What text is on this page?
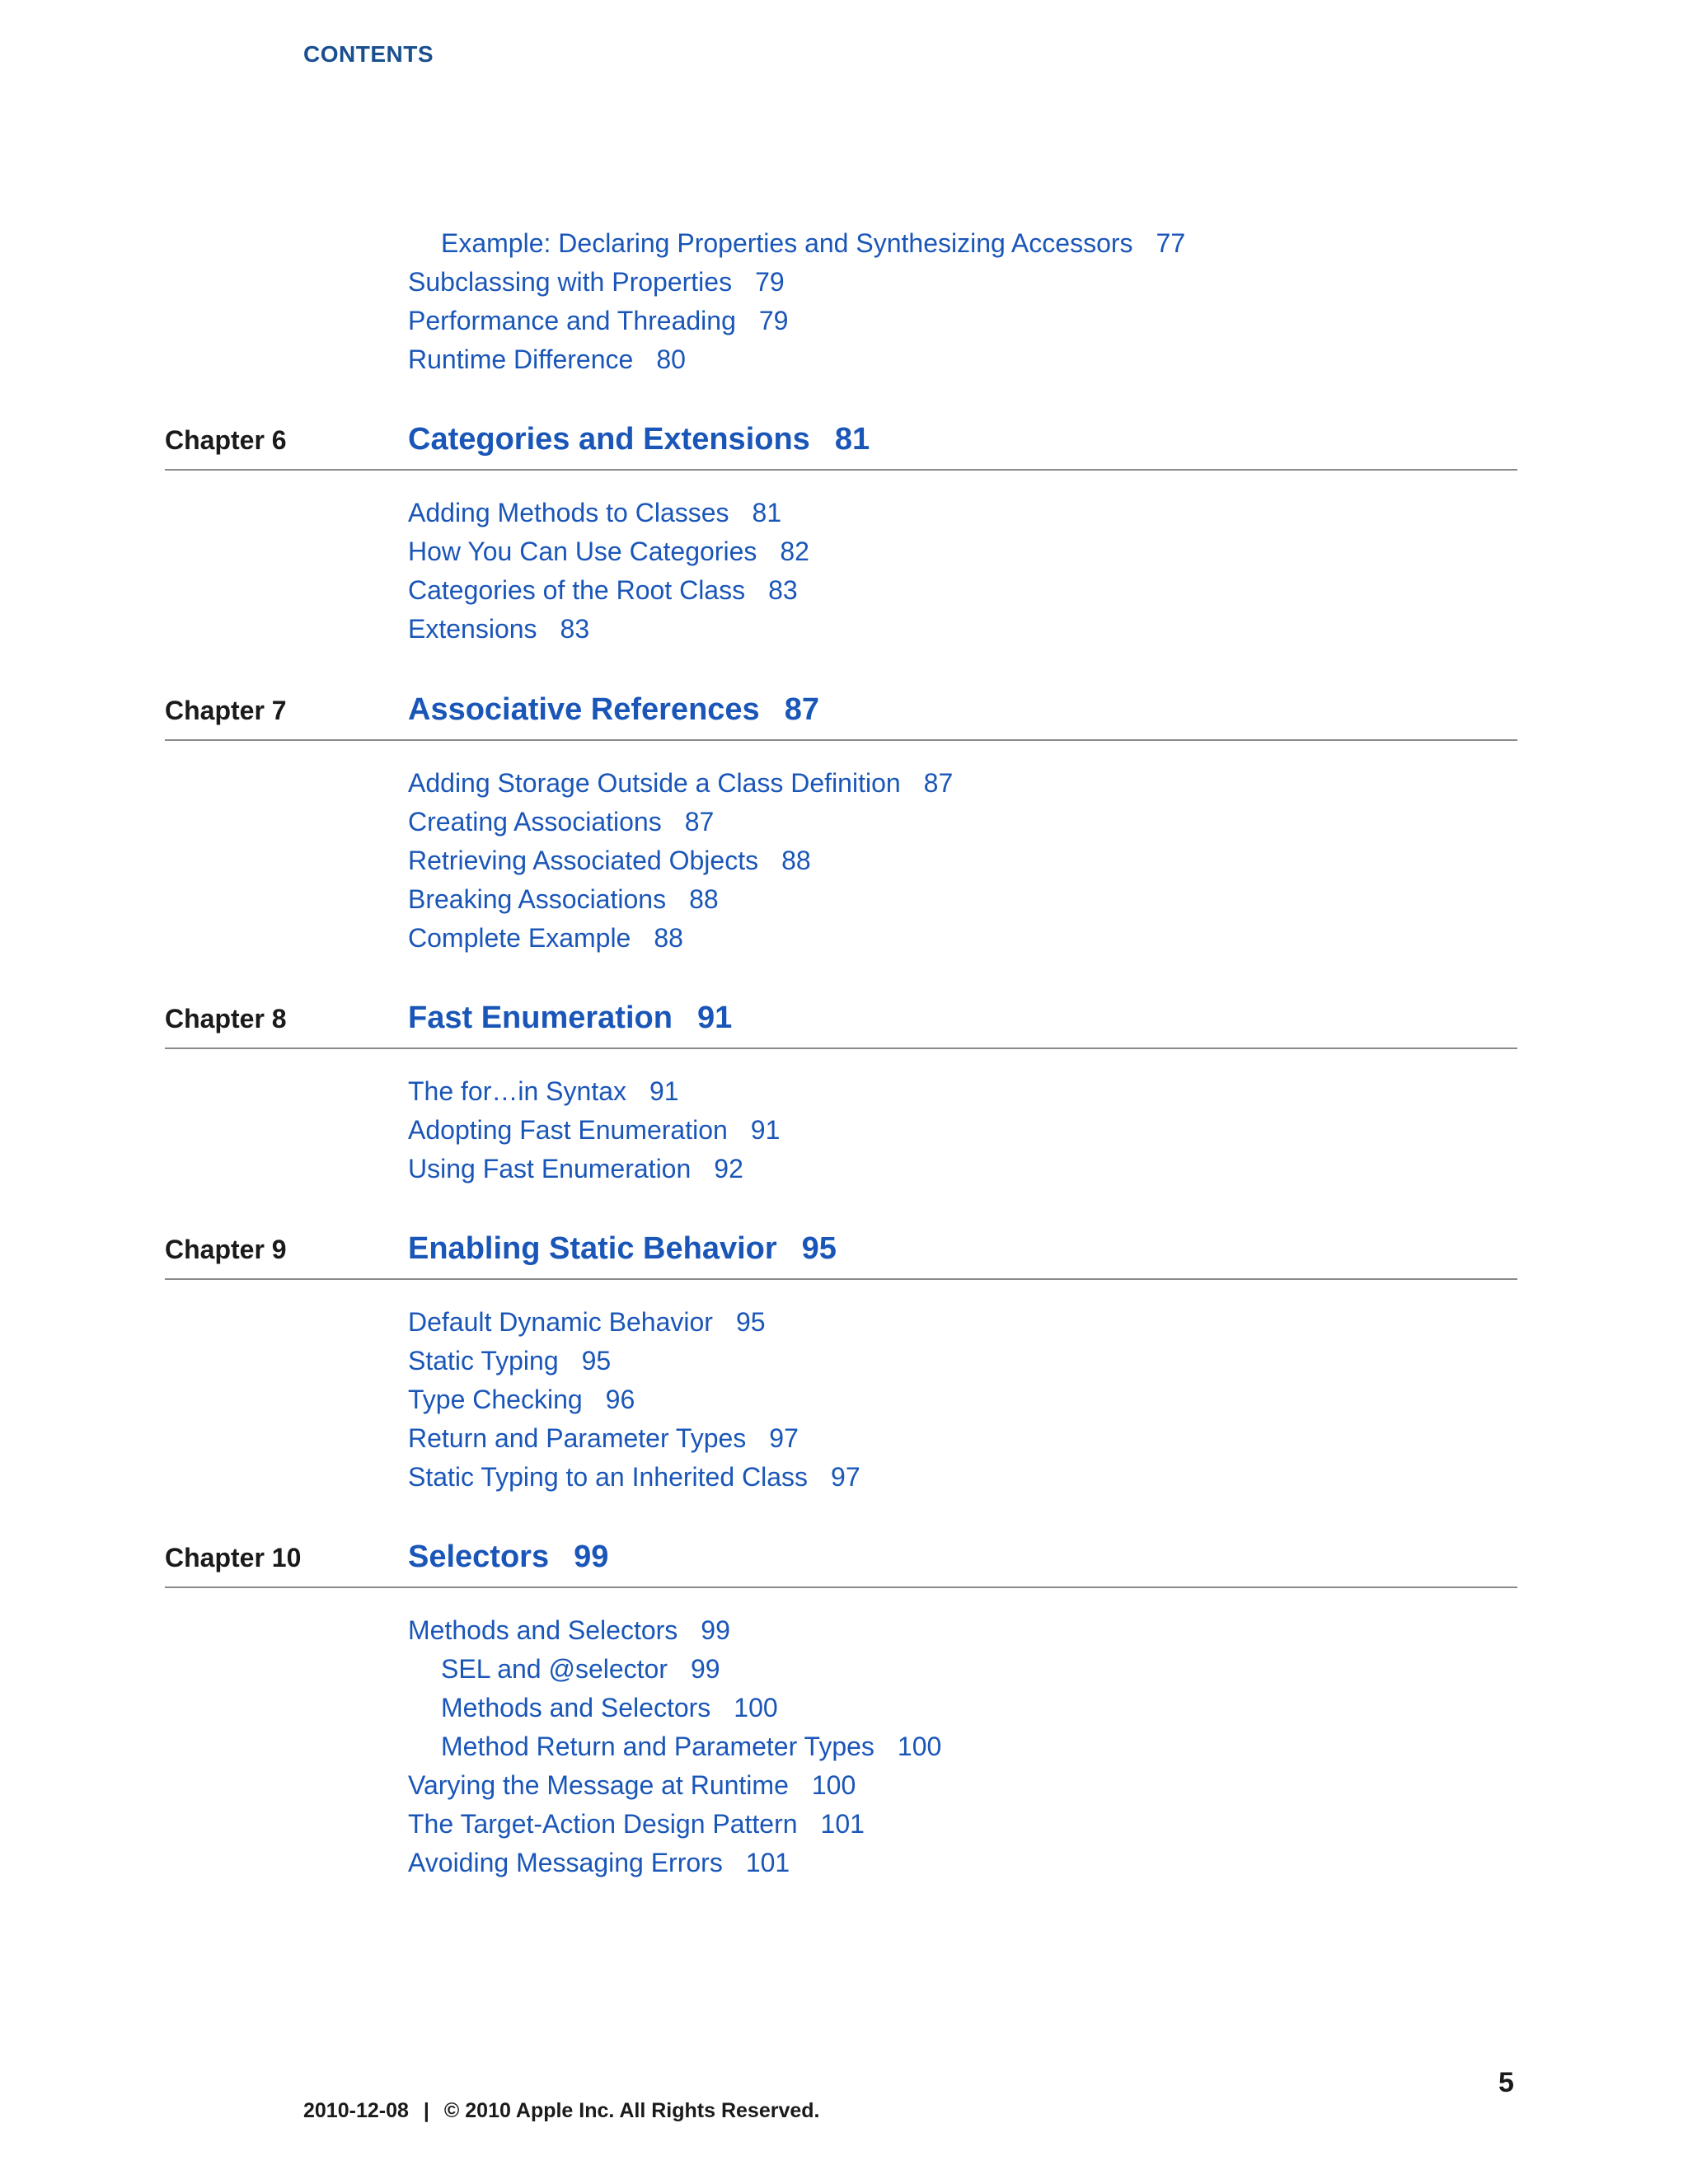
CONTENTS
Example: Declaring Properties and Synthesizing Accessors 77
Subclassing with Properties 79
Performance and Threading 79
Runtime Difference 80
Chapter 6	Categories and Extensions 81
Adding Methods to Classes 81
How You Can Use Categories 82
Categories of the Root Class 83
Extensions 83
Chapter 7	Associative References 87
Adding Storage Outside a Class Definition 87
Creating Associations 87
Retrieving Associated Objects 88
Breaking Associations 88
Complete Example 88
Chapter 8	Fast Enumeration 91
The for…in Syntax 91
Adopting Fast Enumeration 91
Using Fast Enumeration 92
Chapter 9	Enabling Static Behavior 95
Default Dynamic Behavior 95
Static Typing 95
Type Checking 96
Return and Parameter Types 97
Static Typing to an Inherited Class 97
Chapter 10	Selectors 99
Methods and Selectors 99
SEL and @selector 99
Methods and Selectors 100
Method Return and Parameter Types 100
Varying the Message at Runtime 100
The Target-Action Design Pattern 101
Avoiding Messaging Errors 101
5
2010-12-08 | © 2010 Apple Inc. All Rights Reserved.
